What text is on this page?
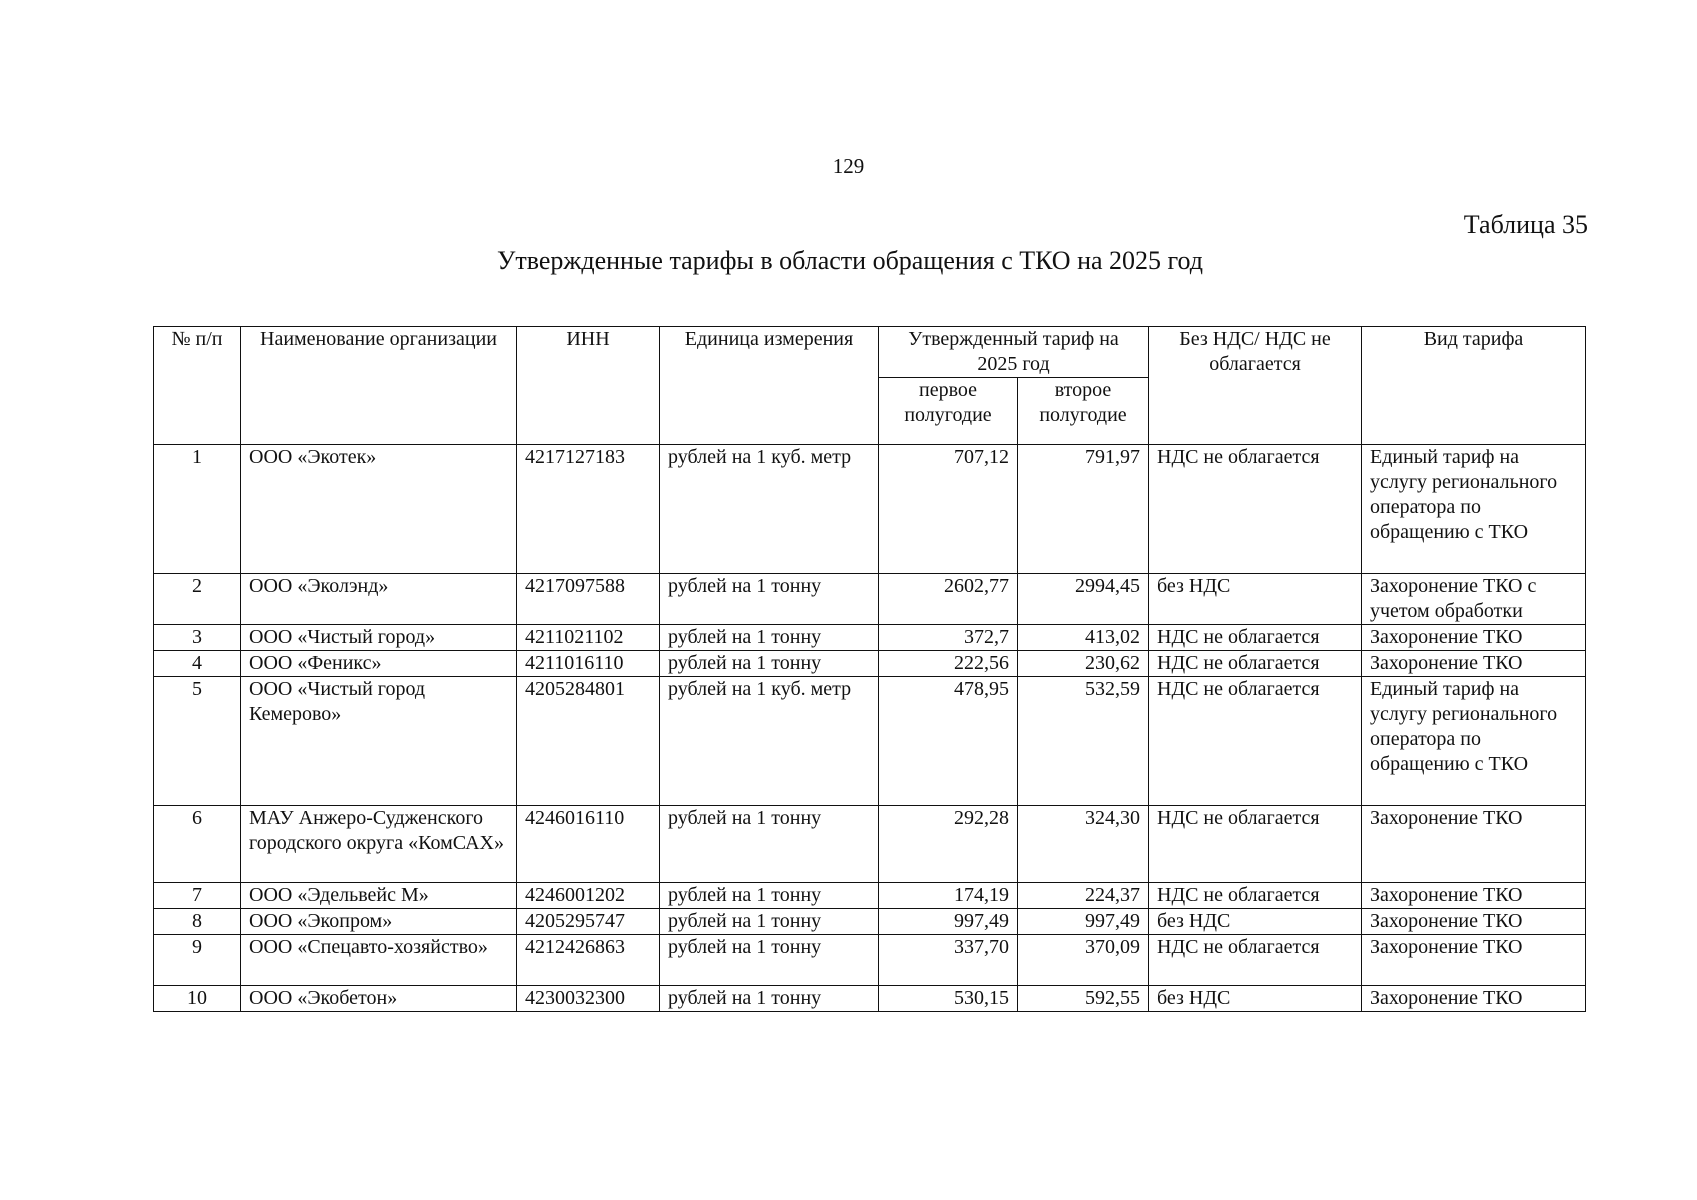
129
Таблица 35
Утвержденные тарифы в области обращения с ТКО на 2025 год
№ п/п	Наименование организации	ИНН	Единица измерения	Утвержденный тариф на 2025 год		Без НДС/ НДС не облагается	Вид тарифа
				первое полугодие	второе полугодие		
1	ООО «Экотек»	4217127183	рублей на 1 куб. метр	707,12	791,97	НДС не облагается	Единый тариф на услугу регионального оператора по обращению с ТКО
2	ООО «Эколэнд»	4217097588	рублей на 1 тонну	2602,77	2994,45	без НДС	Захоронение ТКО с учетом обработки
3	ООО «Чистый город»	4211021102	рублей на 1 тонну	372,7	413,02	НДС не облагается	Захоронение ТКО
4	ООО «Феникс»	4211016110	рублей на 1 тонну	222,56	230,62	НДС не облагается	Захоронение ТКО
5	ООО «Чистый город Кемерово»	4205284801	рублей на 1 куб. метр	478,95	532,59	НДС не облагается	Единый тариф на услугу регионального оператора по обращению с ТКО
6	МАУ Анжеро-Судженского городского округа «КомСАХ»	4246016110	рублей на 1 тонну	292,28	324,30	НДС не облагается	Захоронение ТКО
7	ООО «Эдельвейс М»	4246001202	рублей на 1 тонну	174,19	224,37	НДС не облагается	Захоронение ТКО
8	ООО «Экопром»	4205295747	рублей на 1 тонну	997,49	997,49	без НДС	Захоронение ТКО
9	ООО «Спецавто-хозяйство»	4212426863	рублей на 1 тонну	337,70	370,09	НДС не облагается	Захоронение ТКО
10	ООО «Экобетон»	4230032300	рублей на 1 тонну	530,15	592,55	без НДС	Захоронение ТКО
